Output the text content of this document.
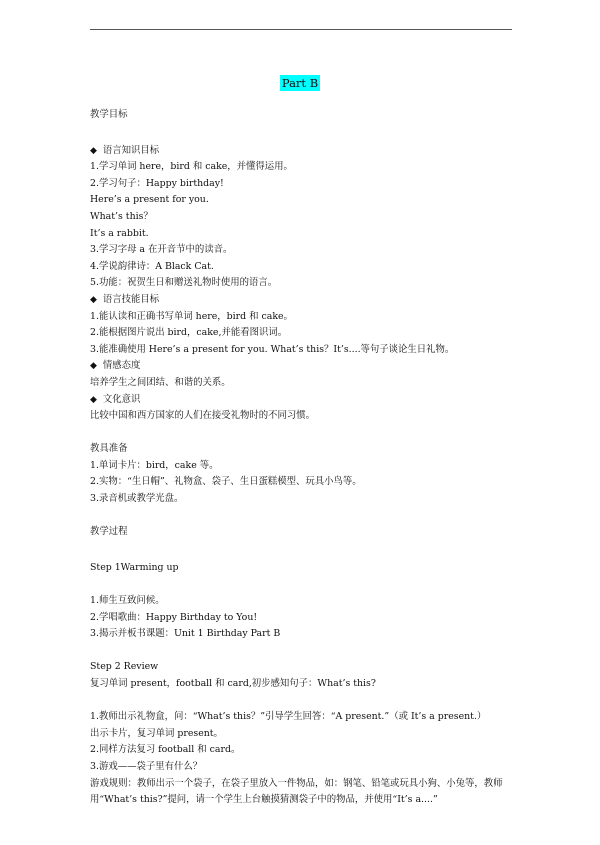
Part B
教学目标
◆ 语言知识目标
1.学习单词 here，bird 和 cake，并懂得运用。
2.学习句子：Happy birthday!
Here’s a present for you.
What’s this？
It’s a rabbit.
3.学习字母 a 在开音节中的读音。
4.学说韵律诗：A Black Cat.
5.功能：祝贺生日和赠送礼物时使用的语言。
◆ 语言技能目标
1.能认读和正确书写单词 here，bird 和 cake。
2.能根据图片说出 bird，cake,并能看图识词。
3.能准确使用 Here’s a present for you. What’s this？It’s....等句子谈论生日礼物。
◆ 情感态度
培养学生之间团结、和谐的关系。
◆ 文化意识
比较中国和西方国家的人们在接受礼物时的不同习惯。
教具准备
1.单词卡片：bird，cake 等。
2.实物：“生日帽”、礼物盒、袋子、生日蛋糕模型、玩具小鸟等。
3.录音机或教学光盘。
教学过程
Step 1Warming up
1.师生互致问候。
2.学唱歌曲：Happy Birthday to You!
3.揭示并板书课题：Unit 1 Birthday Part B
Step 2 Review
复习单词 present，football 和 card,初步感知句子：What’s this?
1.教师出示礼物盒，问：“What’s this？”引导学生回答：“A present.”（或 It’s a present.）
出示卡片，复习单词 present。
2.同样方法复习 football 和 card。
3.游戏——袋子里有什么？
游戏规则：教师出示一个袋子，在袋子里放入一件物品，如：钢笔、铅笔或玩具小狗、小兔等，教师用“What’s this?”提问，请一个学生上台触摸猜测袋子中的物品，并使用“It’s a....”
